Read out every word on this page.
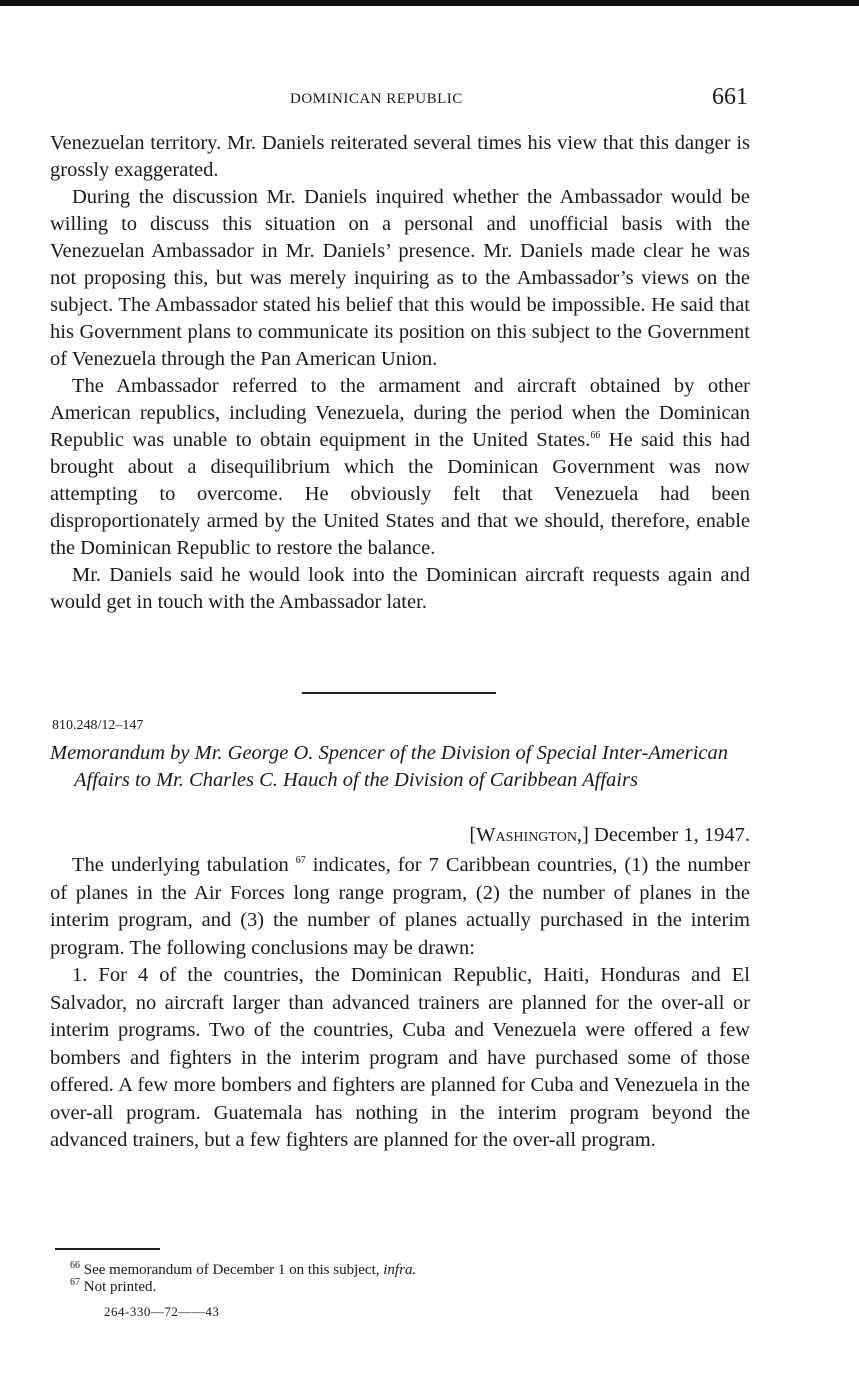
DOMINICAN REPUBLIC	661

Venezuelan territory. Mr. Daniels reiterated several times his view that this danger is grossly exaggerated.

During the discussion Mr. Daniels inquired whether the Ambassador would be willing to discuss this situation on a personal and unofficial basis with the Venezuelan Ambassador in Mr. Daniels’ presence. Mr. Daniels made clear he was not proposing this, but was merely inquiring as to the Ambassador’s views on the subject. The Ambassador stated his belief that this would be impossible. He said that his Government plans to communicate its position on this subject to the Government of Venezuela through the Pan American Union.

The Ambassador referred to the armament and aircraft obtained by other American republics, including Venezuela, during the period when the Dominican Republic was unable to obtain equipment in the United States.$^{66}$ He said this had brought about a disequilibrium which the Dominican Government was now attempting to overcome. He obviously felt that Venezuela had been disproportionately armed by the United States and that we should, therefore, enable the Dominican Republic to restore the balance.

Mr. Daniels said he would look into the Dominican aircraft requests again and would get in touch with the Ambassador later.

810.248/12–147
Memorandum by Mr. George O. Spencer of the Division of Special Inter-American Affairs to Mr. Charles C. Hauch of the Division of Caribbean Affairs
[Washington,] December 1, 1947.

The underlying tabulation $^{67}$ indicates, for 7 Caribbean countries, (1) the number of planes in the Air Forces long range program, (2) the number of planes in the interim program, and (3) the number of planes actually purchased in the interim program. The following conclusions may be drawn:

1. For 4 of the countries, the Dominican Republic, Haiti, Honduras and El Salvador, no aircraft larger than advanced trainers are planned for the over-all or interim programs. Two of the countries, Cuba and Venezuela were offered a few bombers and fighters in the interim program and have purchased some of those offered. A few more bombers and fighters are planned for Cuba and Venezuela in the over-all program. Guatemala has nothing in the interim program beyond the advanced trainers, but a few fighters are planned for the over-all program.

$^{66}$ See memorandum of December 1 on this subject, infra.
$^{67}$ Not printed.
264-330—72——43
